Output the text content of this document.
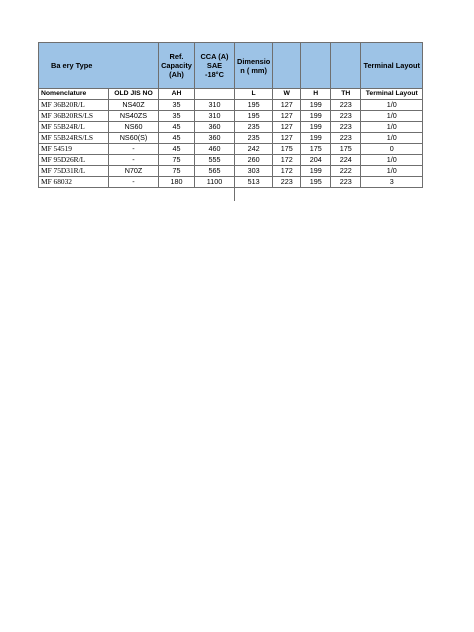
Ba ery Type		Ref. Capacity (Ah)	CCA (A) SAE -18°C	Dimensio n ( mm)				Terminal Layout
Nomenclature	OLD JIS NO	AH		L	W	H	TH	Terminal Layout
MF 36B20R/L	NS40Z	35	310	195	127	199	223	1/0
MF 36B20RS/LS	NS40ZS	35	310	195	127	199	223	1/0
MF 55B24R/L	NS60	45	360	235	127	199	223	1/0
MF 55B24RS/LS	NS60(S)	45	360	235	127	199	223	1/0
MF 54519	-	45	460	242	175	175	175	0
MF 95D26R/L	-	75	555	260	172	204	224	1/0
MF 75D31R/L	N70Z	75	565	303	172	199	222	1/0
MF 68032	-	180	1100	513	223	195	223	3
